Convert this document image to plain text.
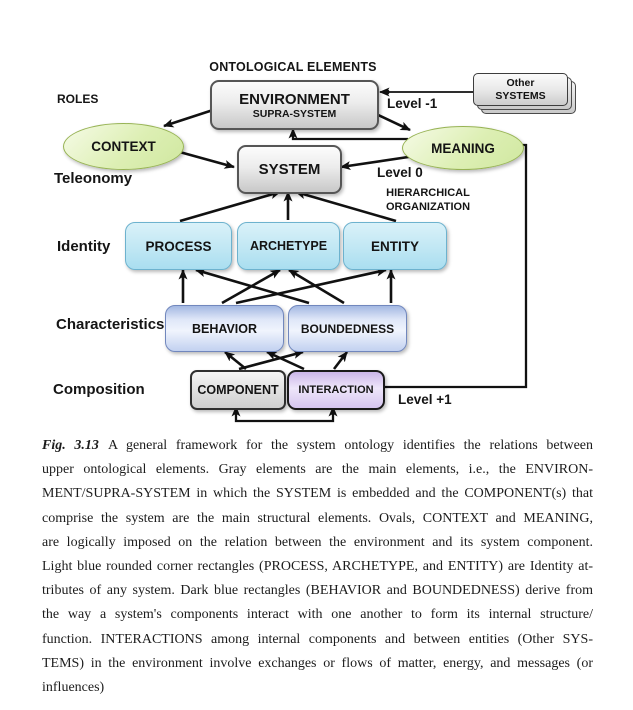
ONTOLOGICAL ELEMENTS
ROLES
Teleonomy
Identity
Characteristics
Composition
Level -1
Level 0
Level +1
HIERARCHICAL ORGANIZATION
ENVIRONMENT
SUPRA-SYSTEM
Other
SYSTEMS
CONTEXT	MEANING
SYSTEM
PROCESS	ARCHETYPE	ENTITY
BEHAVIOR	BOUNDEDNESS
COMPONENT	INTERACTION
Fig. 3.13 A general framework for the system ontology identifies the relations between
upper ontological elements. Gray elements are the main elements, i.e., the ENVIRON-
MENT/SUPRA-SYSTEM in which the SYSTEM is embedded and the COMPONENT(s) that
comprise the system are the main structural elements. Ovals, CONTEXT and MEANING,
are logically imposed on the relation between the environment and its system component.
Light blue rounded corner rectangles (PROCESS, ARCHETYPE, and ENTITY) are Identity at-
tributes of any system. Dark blue rectangles (BEHAVIOR and BOUNDEDNESS) derive from
the way a system's components interact with one another to form its internal structure/
function. INTERACTIONS among internal components and between entities (Other SYS-
TEMS) in the environment involve exchanges or flows of matter, energy, and messages (or
influences)
